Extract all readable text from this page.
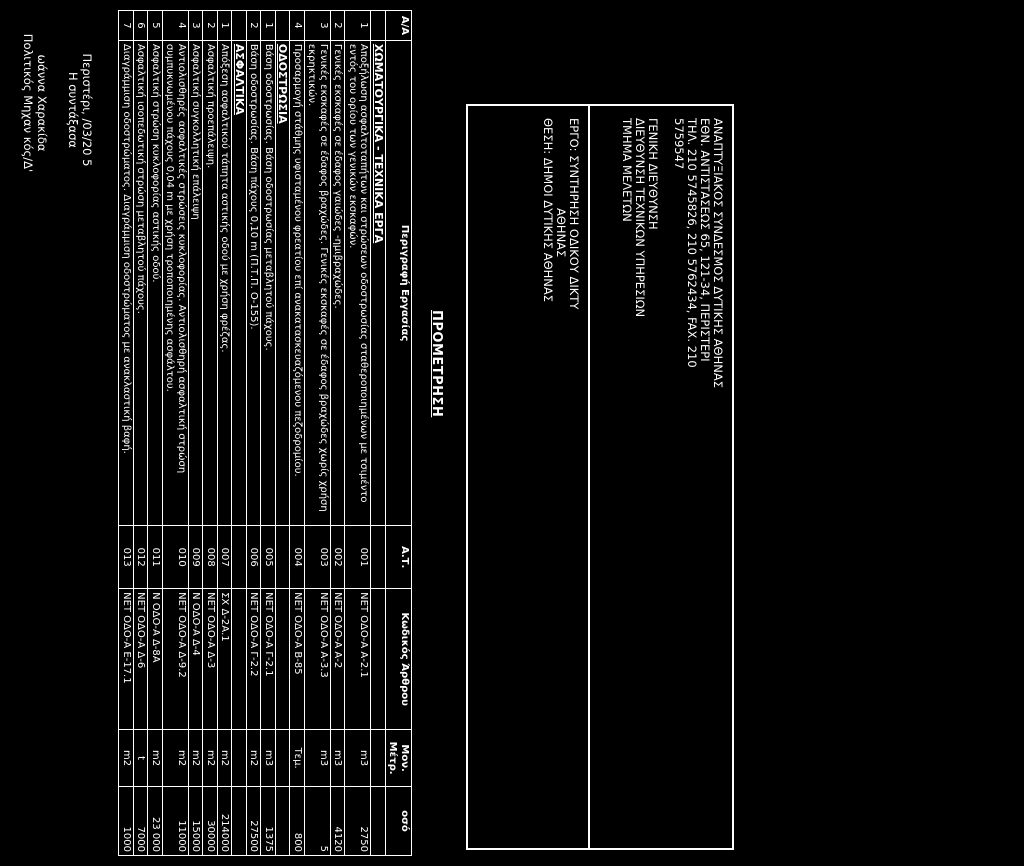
ΑΝΑΠΤΥΞΙΑΚΟΣ ΣΥΝΔΕΣΜΟΣ ΔΥΤΙΚΗΣ ΑΘΗΝΑΣ
ΕΘΝ. ΑΝΤΙΣΤΑΣΕΩΣ 65, 121-34, ΠΕΡΙΣΤΕΡΙ
ΤΗΛ. 210 5745826, 210 5762434, FAX. 210
5759547
ΓΕΝΙΚΗ ΔΙΕΥΘΥΝΣΗ
ΔΙΕΥΘΥΝΣΗ ΤΕΧΝΙΚΩΝ ΥΠΗΡΕΣΙΩΝ
ΤΜΗΜΑ ΜΕΛΕΤΩΝ
ΕΡΓΟ: ΣΥΝΤΗΡΗΣΗ ΟΔΙΚΟΥ ΔΙΚΤΥ
ΑΘΗΝΑΣ
ΘΕΣΗ: ΔΗΜΟΙ ΔΥΤΙΚΗΣ ΑΘΗΝΑΣ
ΠΡΟΜΕΤΡΗΣΗ
Α/Α	Περιγραφή Εργασίας	Α.Τ.	Κωδικός Άρθρου	Μον. Μέτρ.	οσό
	ΧΩΜΑΤΟΥΡΓΙΚΑ - ΤΕΧΝΙΚΑ ΕΡΓΑ				
1	Αποξήλωση ασφαλτοταπήτων και στρώσεων οδοστρωσίας σταθεροποιημένων με τσιμέντο εντός του ορίου των γενικών εκσκαφών.	001	ΝΕΤ ΟΔΟ-Α Α-2.1	m3	2750
2	Γενικές εκσκαφές σε έδαφος γαιώδες -ημιβραχώδες.	002	ΝΕΤ ΟΔΟ-Α Α-2	m3	4120
3	Γενικές εκσκαφές σε έδαφος βραχώδες. Γενικές εκσκαφές σε έδαφος βραχώδες χωρίς χρήση εκρηκτικών.	003	ΝΕΤ ΟΔΟ-Α Α-3.3	m3	5
4	Προσαρμογή στάθμης υφισταμένου φρεατίου επί ανακατασκευαζόμενου πεζοδρομίου.	004	ΝΕΤ ΟΔΟ-Α Β-85	Τεμ.	800
	ΟΔΟΣΤΡΩΣΙΑ				
1	Βάση οδοστρωσίας. Βάση οδοστρωσίας μεταβλητού πάχους.	005	ΝΕΤ ΟΔΟ-Α Γ-2.1	m3	1375
2	Βάση οδοστρωσίας. Βάση πάχους 0,10 m (Π.Τ.Π. Ο-155).	006	ΝΕΤ ΟΔΟ-Α Γ-2.2	m2	27500
	ΑΣΦΑΛΤΙΚΑ				
1	Απόξεση ασφαλτικού τάπητα αστικής οδού με χρήση φρέζας.	007	ΣΧ Δ-2Α.1	m2	214000
2	Ασφαλτική προεπάλειψη.	008	ΝΕΤ ΟΔΟ-Α Δ-3	m2	30000
3	Ασφαλτική συγκολλητική επάλειψη	009	Ν ΟΔΟ-Α Δ-4	m2	15000
4	Αντιολισθηρές ασφαλτικές στρώσεις κυκλοφορίας. Αντιολισθηρή ασφαλτική στρώση συμπυκνωμένου πάχους 0,04 m με χρήση τροποποιημένης ασφάλτου.	010	ΝΕΤ ΟΔΟ-Α Δ-9.2	m2	11000
5	Ασφαλτική στρώση κυκλοφορίας αστικής οδού.	011	Ν ΟΔΟ-Α Δ-8Α	m2	23 000
6	Ασφαλτική ισοπεδωτική στρώση μεταβλητού πάχους.	012	ΝΕΤ ΟΔΟ-Α Δ-6	t	7000
7	Διαγράμμιση οδοστρώματος. Διαγράμμιση οδοστρώματος με ανακλαστική βαφή.	013	ΝΕΤ ΟΔΟ-Α Ε-17.1	m2	1000
Περιστέρι, /03/20 5
Η συντάξασα
ωάννα Χαρακίδα
Πολιτικός Μηχαν κός/Δ'
